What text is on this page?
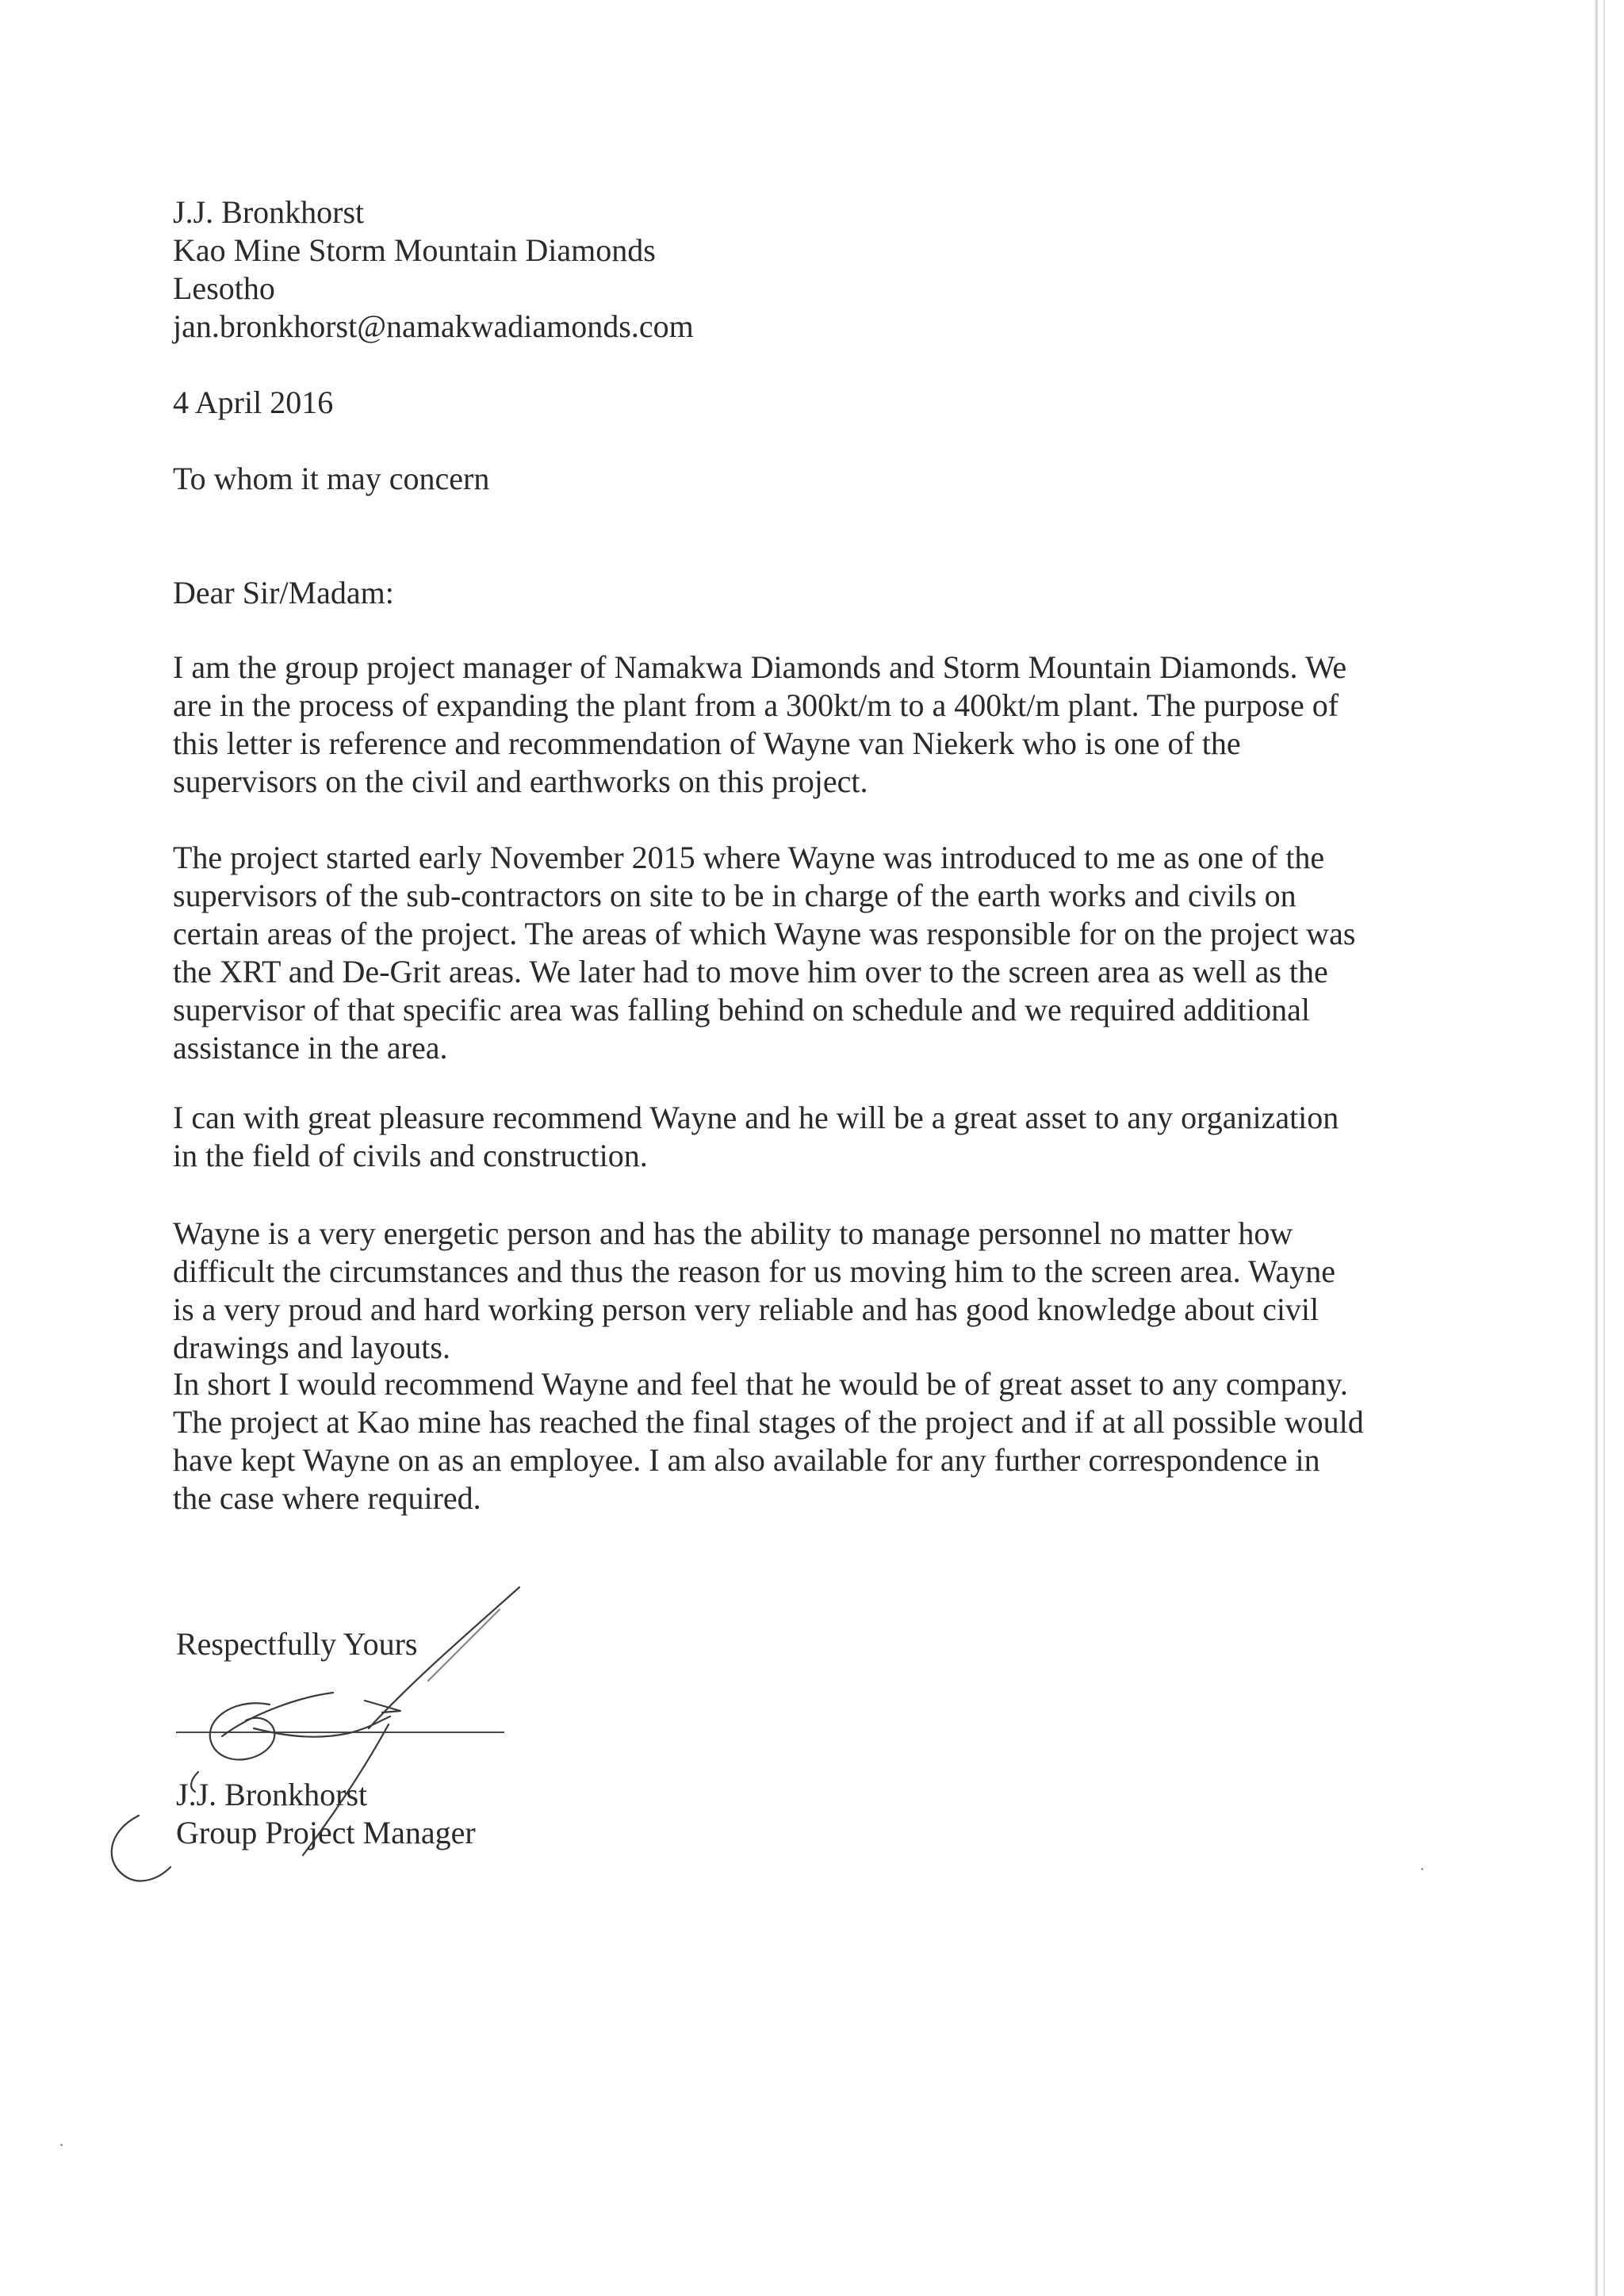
J.J. Bronkhorst
Kao Mine Storm Mountain Diamonds
Lesotho
jan.bronkhorst@namakwadiamonds.com
4 April 2016
To whom it may concern
Dear Sir/Madam:
I am the group project manager of Namakwa Diamonds and Storm Mountain Diamonds. We
are in the process of expanding the plant from a 300kt/m to a 400kt/m plant. The purpose of
this letter is reference and recommendation of Wayne van Niekerk who is one of the
supervisors on the civil and earthworks on this project.
The project started early November 2015 where Wayne was introduced to me as one of the
supervisors of the sub-contractors on site to be in charge of the earth works and civils on
certain areas of the project. The areas of which Wayne was responsible for on the project was
the XRT and De-Grit areas. We later had to move him over to the screen area as well as the
supervisor of that specific area was falling behind on schedule and we required additional
assistance in the area.
I can with great pleasure recommend Wayne and he will be a great asset to any organization
in the field of civils and construction.
Wayne is a very energetic person and has the ability to manage personnel no matter how
difficult the circumstances and thus the reason for us moving him to the screen area. Wayne
is a very proud and hard working person very reliable and has good knowledge about civil
drawings and layouts.
In short I would recommend Wayne and feel that he would be of great asset to any company.
The project at Kao mine has reached the final stages of the project and if at all possible would
have kept Wayne on as an employee. I am also available for any further correspondence in
the case where required.
Respectfully Yours
J.J. Bronkhorst
Group Project Manager
